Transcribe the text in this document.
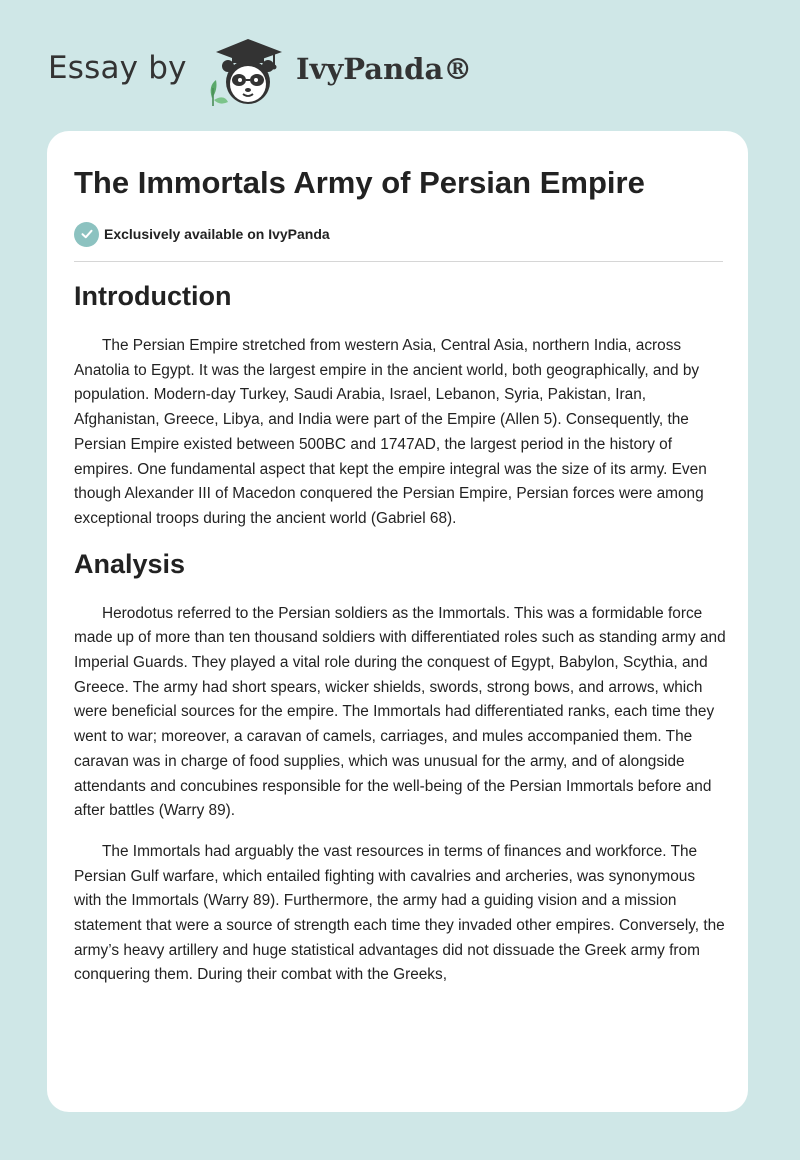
Essay by	IvyPanda®
The Immortals Army of Persian Empire
Exclusively available on IvyPanda
Introduction

The Persian Empire stretched from western Asia, Central Asia, northern India, across Anatolia to Egypt. It was the largest empire in the ancient world, both geographically, and by population. Modern-day Turkey, Saudi Arabia, Israel, Lebanon, Syria, Pakistan, Iran, Afghanistan, Greece, Libya, and India were part of the Empire (Allen 5). Consequently, the Persian Empire existed between 500BC and 1747AD, the largest period in the history of empires. One fundamental aspect that kept the empire integral was the size of its army. Even though Alexander III of Macedon conquered the Persian Empire, Persian forces were among exceptional troops during the ancient world (Gabriel 68).

Analysis

Herodotus referred to the Persian soldiers as the Immortals. This was a formidable force made up of more than ten thousand soldiers with differentiated roles such as standing army and Imperial Guards. They played a vital role during the conquest of Egypt, Babylon, Scythia, and Greece. The army had short spears, wicker shields, swords, strong bows, and arrows, which were beneficial sources for the empire. The Immortals had differentiated ranks, each time they went to war; moreover, a caravan of camels, carriages, and mules accompanied them. The caravan was in charge of food supplies, which was unusual for the army, and of alongside attendants and concubines responsible for the well-being of the Persian Immortals before and after battles (Warry 89).

The Immortals had arguably the vast resources in terms of finances and workforce. The Persian Gulf warfare, which entailed fighting with cavalries and archeries, was synonymous with the Immortals (Warry 89). Furthermore, the army had a guiding vision and a mission statement that were a source of strength each time they invaded other empires. Conversely, the army’s heavy artillery and huge statistical advantages did not dissuade the Greek army from conquering them. During their combat with the Greeks,
